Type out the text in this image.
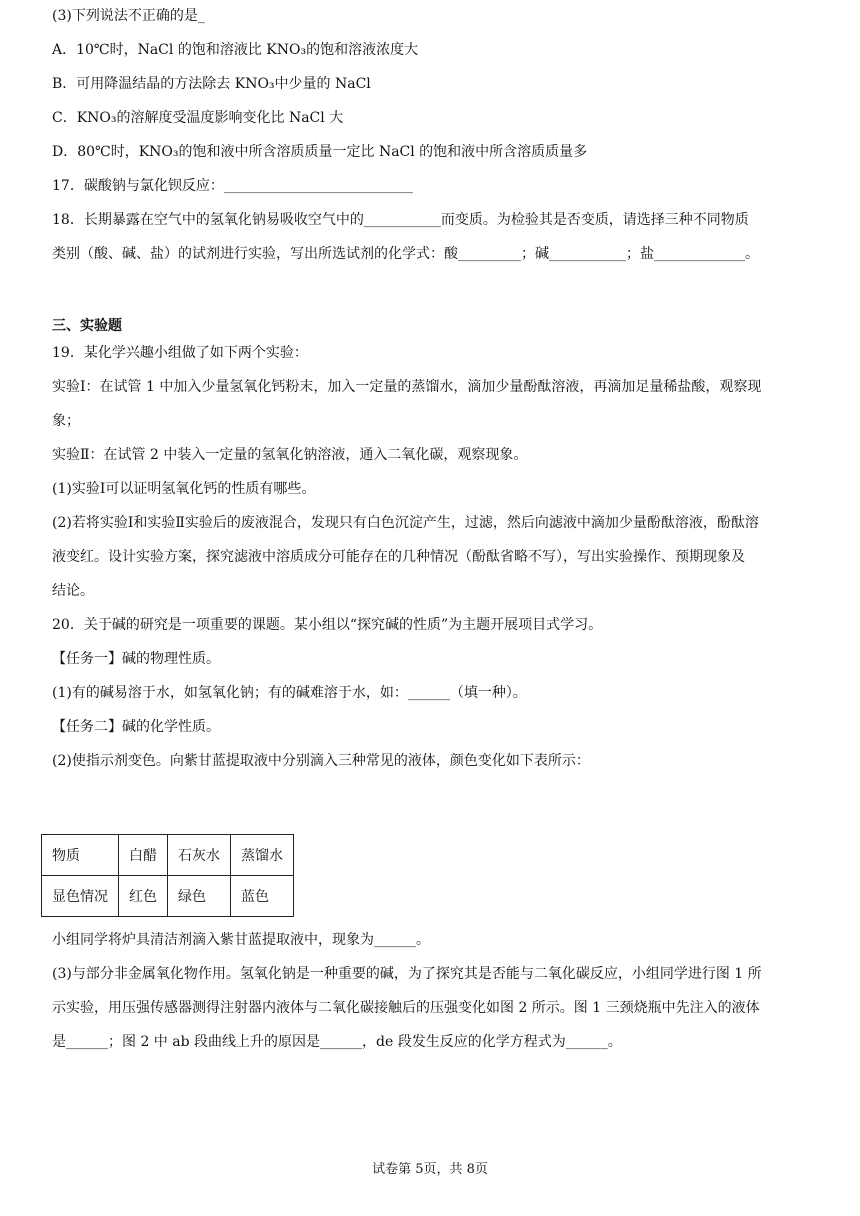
(3)下列说法不正确的是_
A．10℃时，NaCl 的饱和溶液比 KNO₃的饱和溶液浓度大
B．可用降温结晶的方法除去 KNO₃中少量的 NaCl
C．KNO₃的溶解度受温度影响变化比 NaCl 大
D．80℃时，KNO₃的饱和液中所含溶质质量一定比 NaCl 的饱和液中所含溶质质量多
17．碳酸钠与氯化钡反应：___________________________
18．长期暴露在空气中的氢氧化钠易吸收空气中的___________而变质。为检验其是否变质，请选择三种不同物质
类别（酸、碱、盐）的试剂进行实验，写出所选试剂的化学式：酸_________；碱___________；盐_____________。
三、实验题
19．某化学兴趣小组做了如下两个实验：
实验Ⅰ：在试管 1 中加入少量氢氧化钙粉末，加入一定量的蒸馏水，滴加少量酚酞溶液，再滴加足量稀盐酸，观察现
象；
实验Ⅱ：在试管 2 中装入一定量的氢氧化钠溶液，通入二氧化碳，观察现象。
(1)实验Ⅰ可以证明氢氧化钙的性质有哪些。
(2)若将实验Ⅰ和实验Ⅱ实验后的废液混合，发现只有白色沉淀产生，过滤，然后向滤液中滴加少量酚酞溶液，酚酞溶
液变红。设计实验方案，探究滤液中溶质成分可能存在的几种情况（酚酞省略不写），写出实验操作、预期现象及
结论。
20．关于碱的研究是一项重要的课题。某小组以“探究碱的性质”为主题开展项目式学习。
【任务一】碱的物理性质。
(1)有的碱易溶于水，如氢氧化钠；有的碱难溶于水，如：______（填一种）。
【任务二】碱的化学性质。
(2)使指示剂变色。向紫甘蓝提取液中分别滴入三种常见的液体，颜色变化如下表所示：
物质	白醋	石灰水	蒸馏水
显色情况	红色	绿色	蓝色
小组同学将炉具清洁剂滴入紫甘蓝提取液中，现象为______。
(3)与部分非金属氧化物作用。氢氧化钠是一种重要的碱，为了探究其是否能与二氧化碳反应，小组同学进行图 1 所
示实验，用压强传感器测得注射器内液体与二氧化碳接触后的压强变化如图 2 所示。图 1 三颈烧瓶中先注入的液体
是______；图 2 中 ab 段曲线上升的原因是______，de 段发生反应的化学方程式为______。
试卷第 5页，共 8页
